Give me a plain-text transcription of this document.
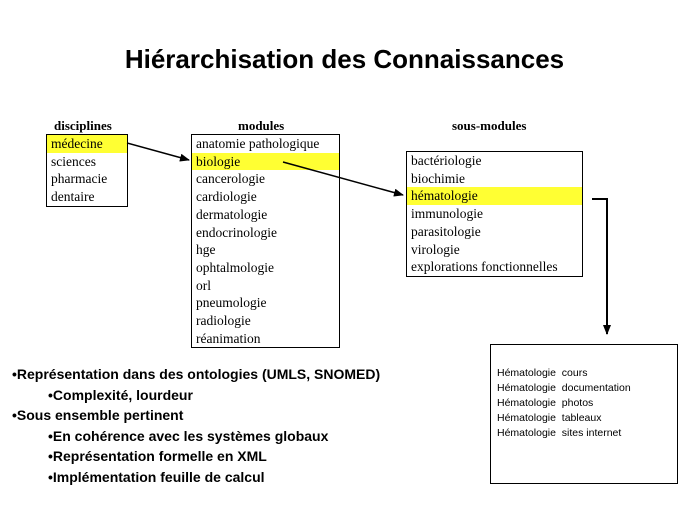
Hiérarchisation des Connaissances
disciplines	modules	sous-modules
médecine
sciences
pharmacie
dentaire
anatomie pathologique
biologie
cancerologie
cardiologie
dermatologie
endocrinologie
hge
ophtalmologie
orl
pneumologie
radiologie
réanimation
bactériologie
biochimie
hématologie
immunologie
parasitologie
virologie
explorations fonctionnelles
•Représentation dans des ontologies (UMLS, SNOMED)
•Complexité, lourdeur
•Sous ensemble pertinent
•En cohérence avec les systèmes globaux
•Représentation formelle en XML
•Implémentation feuille de calcul
Hématologie  cours
Hématologie  documentation
Hématologie  photos
Hématologie  tableaux
Hématologie  sites internet
